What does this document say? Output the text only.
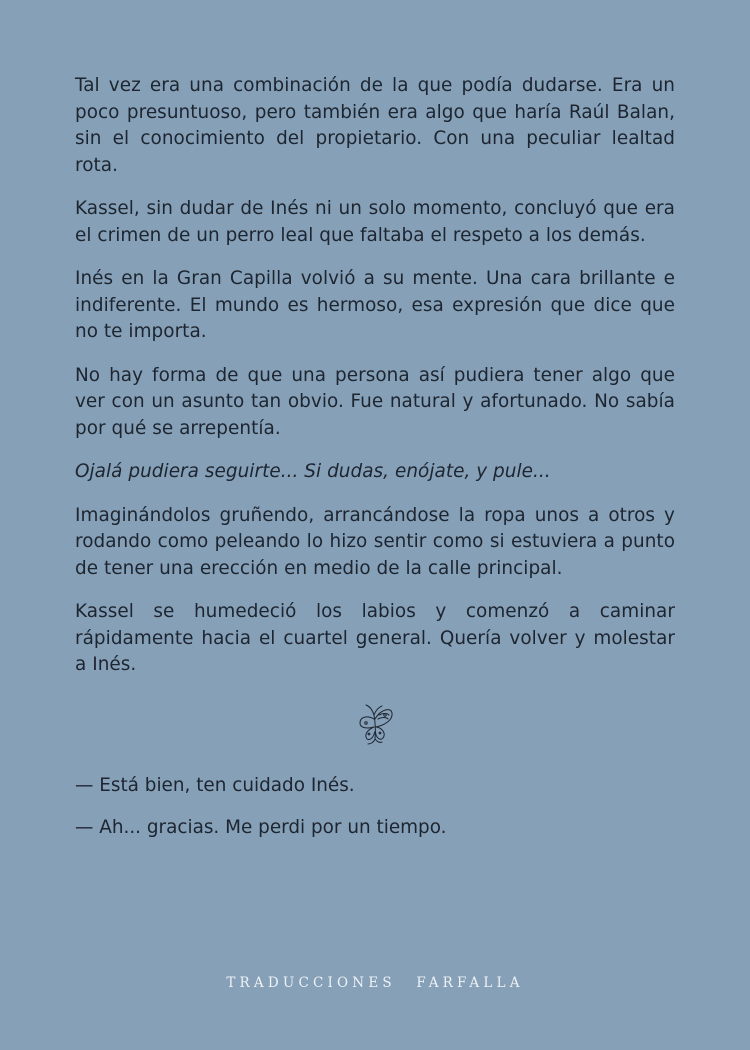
Tal vez era una combinación de la que podía dudarse. Era un poco presuntuoso, pero también era algo que haría Raúl Balan, sin el conocimiento del propietario. Con una peculiar lealtad rota.

Kassel, sin dudar de Inés ni un solo momento, concluyó que era el crimen de un perro leal que faltaba el respeto a los demás.

Inés en la Gran Capilla volvió a su mente. Una cara brillante e indiferente. El mundo es hermoso, esa expresión que dice que no te importa.

No hay forma de que una persona así pudiera tener algo que ver con un asunto tan obvio. Fue natural y afortunado. No sabía por qué se arrepentía.

Ojalá pudiera seguirte... Si dudas, enójate, y pule...

Imaginándolos gruñendo, arrancándose la ropa unos a otros y rodando como peleando lo hizo sentir como si estuviera a punto de tener una erección en medio de la calle principal.

Kassel se humedeció los labios y comenzó a caminar rápidamente hacia el cuartel general. Quería volver y molestar a Inés.

— Está bien, ten cuidado Inés.

— Ah... gracias. Me perdi por un tiempo.

TRADUCCIONES FARFALLA
